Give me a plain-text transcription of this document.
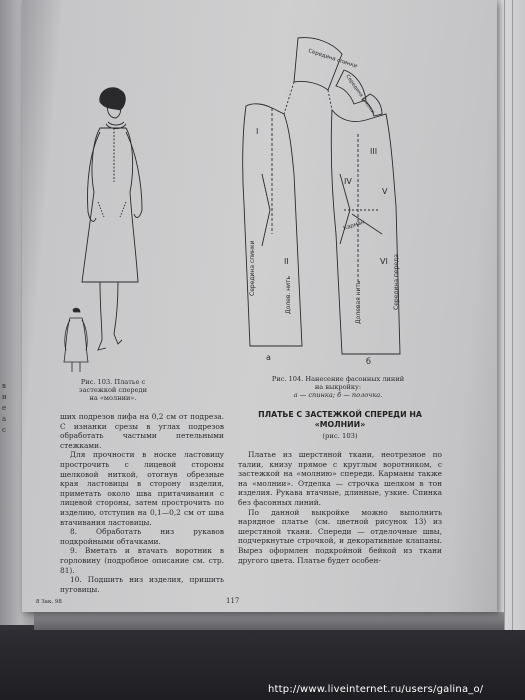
в
и
е
а
с
Рис. 103. Платье с застежкой спереди на «молнии».
I
II
III
IV
V
VI
а	б
Середина спинки	Долев. нить	Долевая нить	Середина переда
Середина спинки
Середина спинки
Карман
Рис. 104. Нанесение фасонных линий
на выкройку:
а — спинка; б — полочка.

ших подрезов лифа на 0,2 см от подреза. С изнанки срезы в углах подрезов обработать частыми петельными стежками.

Для прочности в носке ластовицу прострочить с лицевой стороны шелковой ниткой, отогнув обрезные края ластовицы в сторону изделия, приметать около шва притачивания с лицевой стороны, затем прострочить по изделию, отступив на 0,1—0,2 см от шва втачивания ластовицы.

8. Обработать низ рукавов подкройными обтачками.

9. Вметать и втачать воротник в горловину (подробное описание см. стр. 81).

10. Подшить низ изделия, пришить пуговицы.

ПЛАТЬЕ С ЗАСТЕЖКОЙ СПЕРЕДИ НА
«МОЛНИИ»
(рис. 103)

Платье из шерстяной ткани, неотрезное по талии, книзу прямое с круглым воротником, с застежкой на «молнию» спереди. Карманы также на «молнии». Отделка — строчка шелком в тон изделия. Рукава втачные, длинные, узкие. Спинка без фасонных линий.

По данной выкройке можно выполнить нарядное платье (см. цветной рисунок 13) из шерстяной ткани. Спереди — отделочные швы, подчеркнутые строчкой, и декоративные клапаны. Вырез оформлен подкройной бейкой из ткани другого цвета. Платье будет особен-

117
8 Зак. 98
http://www.liveinternet.ru/users/galina_o/
